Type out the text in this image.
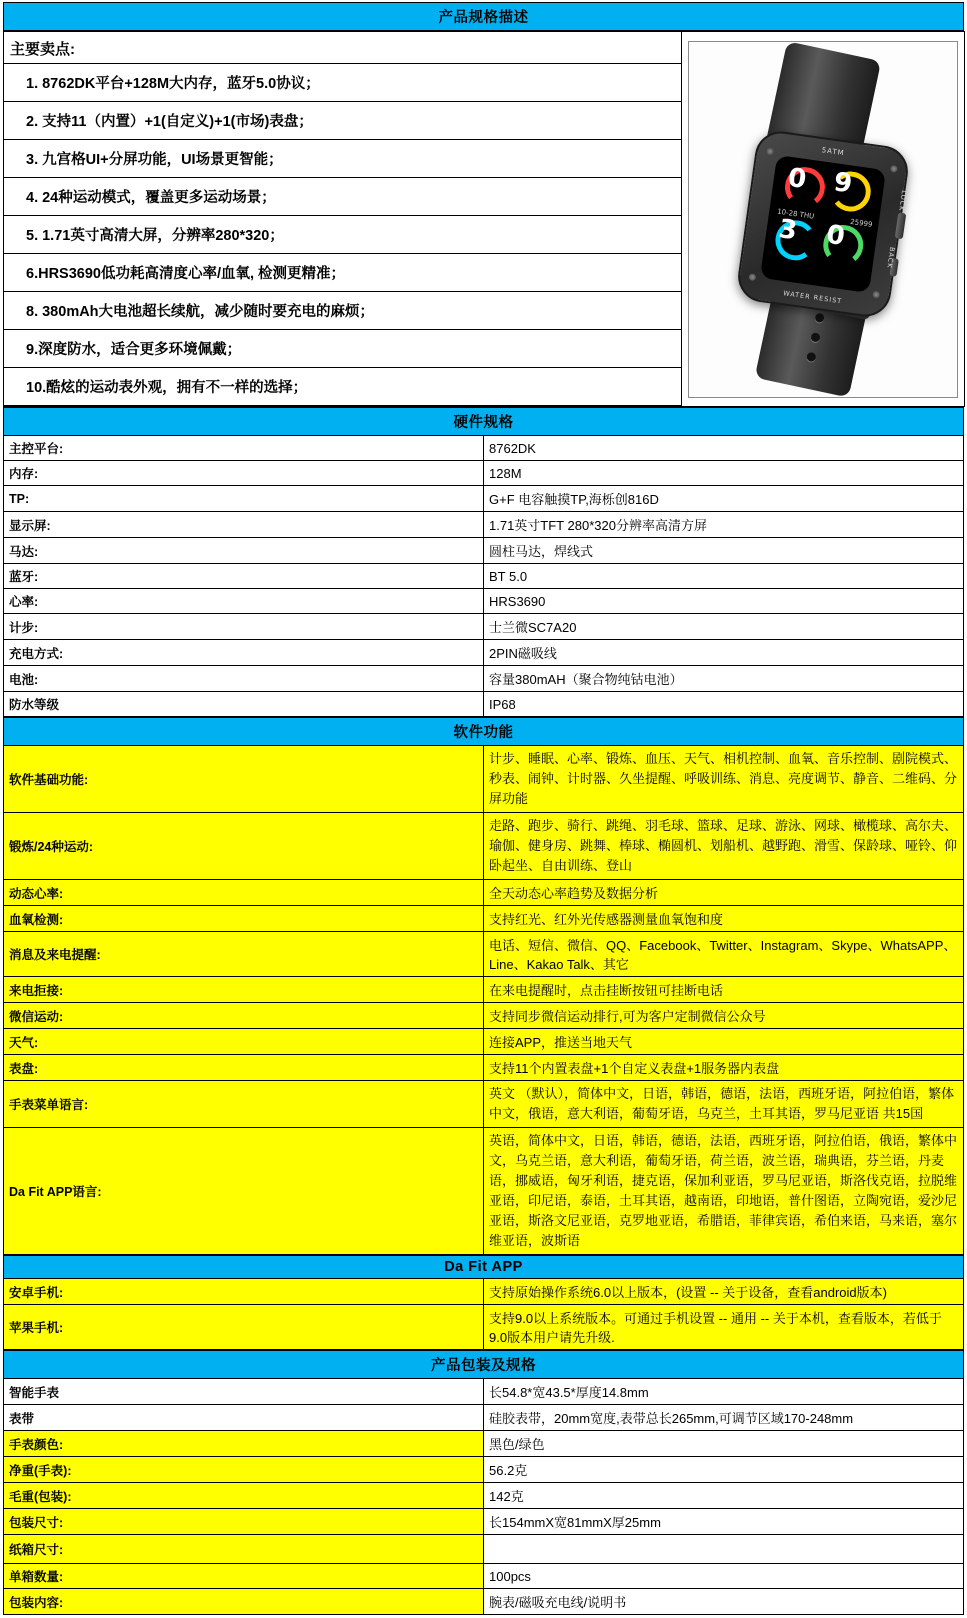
产品规格描述
主要卖点:
1. 8762DK平台+128M大内存，蓝牙5.0协议；
2. 支持11（内置）+1(自定义)+1(市场)表盘；
3. 九宫格UI+分屏功能，UI场景更智能；
4. 24种运动模式，覆盖更多运动场景；
5. 1.71英寸高清大屏，分辨率280*320；
6.HRS3690低功耗高清度心率/血氧, 检测更精准；
8. 380mAh大电池超长续航，减少随时要充电的麻烦；
9.深度防水，适合更多环境佩戴；
10.酷炫的运动表外观，拥有不一样的选择；
5ATM
WATER RESIST
LOCK
BACK
0 9
3 0
10-28 THU
25999
硬件规格	
主控平台:	8762DK
内存:	128M
TP:	G+F 电容触摸TP,海栎创816D
显示屏:	1.71英寸TFT 280*320分辨率高清方屏
马达:	圆柱马达，焊线式
蓝牙:	BT 5.0
心率:	HRS3690
计步:	士兰微SC7A20
充电方式:	2PIN磁吸线
电池:	容量380mAH（聚合物纯钴电池）
防水等级	IP68
软件功能	
软件基础功能:	计步、睡眠、心率、锻炼、血压、天气、相机控制、血氧、音乐控制、剧院模式、秒表、闹钟、计时器、久坐提醒、呼吸训练、消息、亮度调节、静音、二维码、分屏功能
锻炼/24种运动:	走路、跑步、骑行、跳绳、羽毛球、篮球、足球、游泳、网球、橄榄球、高尔夫、瑜伽、健身房、跳舞、棒球、椭圆机、划船机、越野跑、滑雪、保龄球、哑铃、仰卧起坐、自由训练、登山
动态心率:	全天动态心率趋势及数据分析
血氧检测:	支持红光、红外光传感器测量血氧饱和度
消息及来电提醒:	电话、短信、微信、QQ、Facebook、Twitter、Instagram、Skype、WhatsAPP、Line、Kakao Talk、其它
来电拒接:	在来电提醒时，点击挂断按钮可挂断电话
微信运动:	支持同步微信运动排行,可为客户定制微信公众号
天气:	连接APP，推送当地天气
表盘:	支持11个内置表盘+1个自定义表盘+1服务器内表盘
手表菜单语言:	英文 （默认），简体中文，日语，韩语，德语，法语，西班牙语，阿拉伯语，繁体中文，俄语，意大利语，葡萄牙语，乌克兰，土耳其语，罗马尼亚语 共15国
Da Fit APP语言:	英语，简体中文，日语，韩语，德语，法语，西班牙语，阿拉伯语，俄语，繁体中文，乌克兰语，意大利语，葡萄牙语，荷兰语，波兰语，瑞典语，芬兰语，丹麦语，挪威语，匈牙利语，捷克语，保加利亚语，罗马尼亚语，斯洛伐克语，拉脱维亚语，印尼语，泰语，土耳其语，越南语，印地语，普什图语，立陶宛语，爱沙尼亚语，斯洛文尼亚语，克罗地亚语，希腊语，菲律宾语，希伯来语，马来语，塞尔维亚语，波斯语
Da Fit APP	
安卓手机:	支持原始操作系统6.0以上版本，(设置 -- 关于设备，查看android版本)
苹果手机:	支持9.0以上系统版本。可通过手机设置 -- 通用 -- 关于本机，查看版本，若低于9.0版本用户请先升级.
产品包装及规格	
智能手表	长54.8*宽43.5*厚度14.8mm
表带	硅胶表带，20mm宽度,表带总长265mm,可调节区域170-248mm
手表颜色:	黑色/绿色
净重(手表):	56.2克
毛重(包装):	142克
包装尺寸:	长154mmX宽81mmX厚25mm
纸箱尺寸:	
单箱数量:	100pcs
包装内容:	腕表/磁吸充电线/说明书
